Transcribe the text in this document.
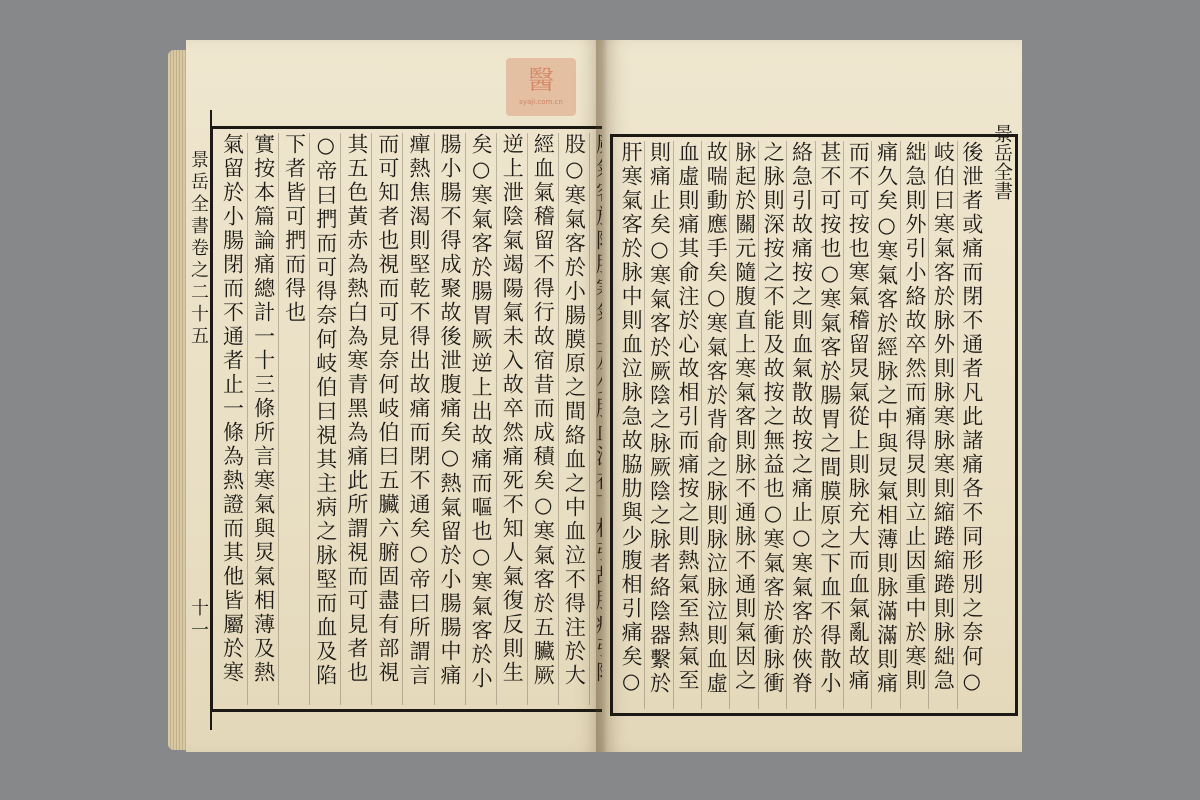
景岳全書
卷之二十五
十一	股○寒氣客於小腸膜原之間絡血之中血泣不得注於大
經血氣稽留不得行故宿昔而成積矣○寒氣客於五臟厥
逆上泄陰氣竭陽氣未入故卒然痛死不知人氣復反則生
矣○寒氣客於腸胃厥逆上出故痛而嘔也○寒氣客於小
腸小腸不得成聚故後泄腹痛矣○熱氣留於小腸腸中痛
癉熱焦渴則堅乾不得出故痛而閉不通矣○帝曰所謂言
而可知者也視而可見奈何岐伯曰五臟六腑固盡有部視
其五色黃赤為熱白為寒青黑為痛此所謂視而可見者也
○帝曰捫而可得奈何岐伯曰視其主病之脉堅而血及陷
下者皆可捫而得也
實按本篇論痛總計一十三條所言寒氣與炅氣相薄及熱
氣留於小腸閉而不通者止一條為熱證而其他皆屬於寒	景岳全書
後泄者或痛而閉不通者凡此諸痛各不同形別之奈何○
岐伯曰寒氣客於脉外則脉寒脉寒則縮踡縮踡則脉絀急
絀急則外引小絡故卒然而痛得炅則立止因重中於寒則
痛久矣○寒氣客於經脉之中與炅氣相薄則脉滿滿則痛
而不可按也寒氣稽留炅氣從上則脉充大而血氣亂故痛
甚不可按也○寒氣客於腸胃之間膜原之下血不得散小
絡急引故痛按之則血氣散故按之痛止○寒氣客於俠脊
之脉則深按之不能及故按之無益也○寒氣客於衝脉衝
脉起於關元隨腹直上寒氣客則脉不通脉不通則氣因之
故喘動應手矣○寒氣客於背俞之脉則脉泣脉泣則血虛
血虛則痛其俞注於心故相引而痛按之則熱氣至熱氣至
則痛止矣○寒氣客於厥陰之脉厥陰之脉者絡陰器繫於
肝寒氣客於脉中則血泣脉急故脇肋與少腹相引痛矣○
醫
syaji.com.cn
